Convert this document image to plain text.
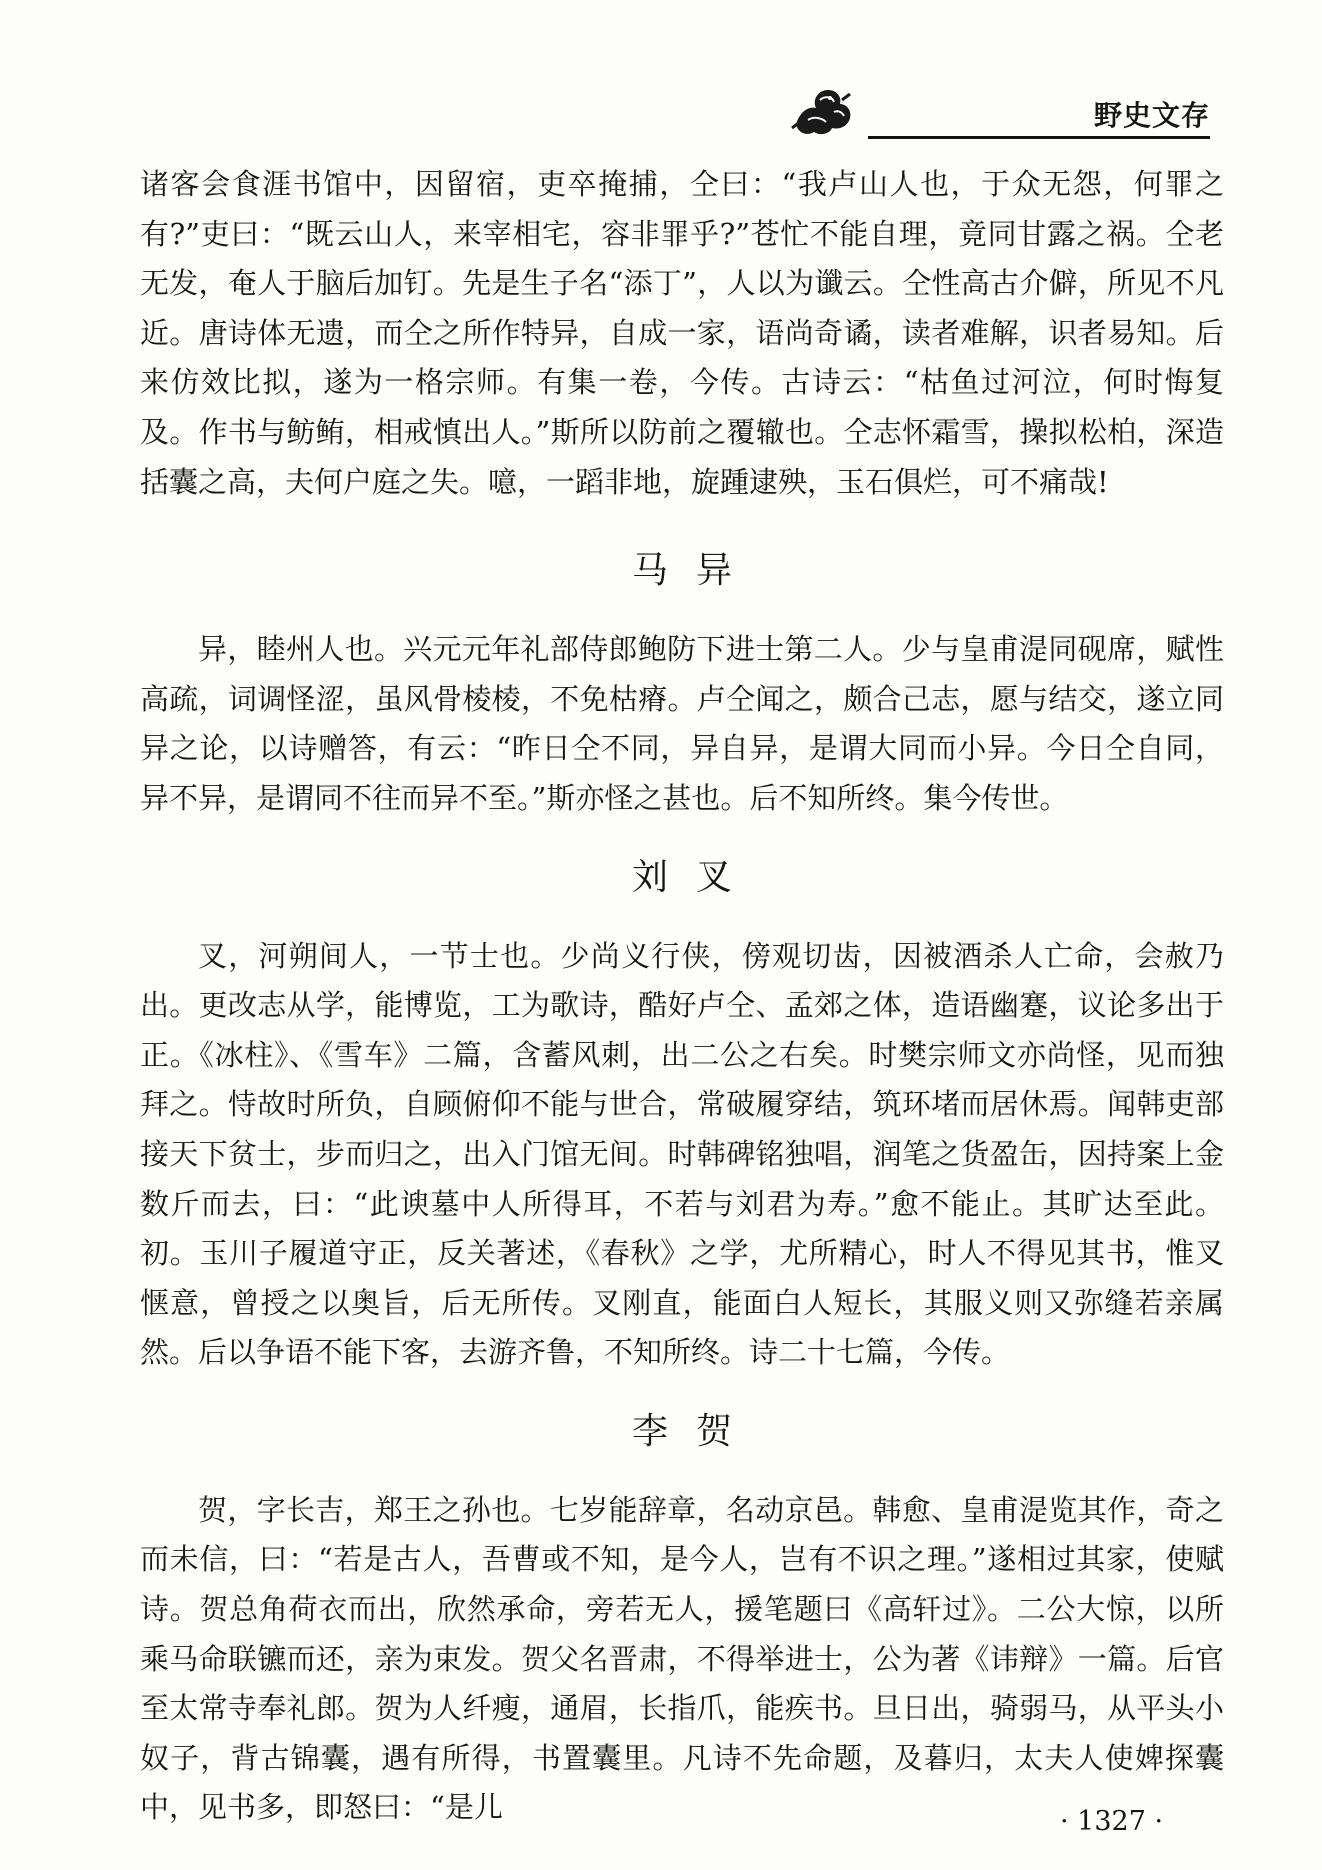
野史文存

诸客会食涯书馆中，因留宿，吏卒掩捕，仝曰：“我卢山人也，于众无怨，何罪之有?”吏曰：“既云山人，来宰相宅，容非罪乎?”苍忙不能自理，竟同甘露之祸。仝老无发，奄人于脑后加钉。先是生子名“添丁”，人以为谶云。仝性高古介僻，所见不凡近。唐诗体无遗，而仝之所作特异，自成一家，语尚奇谲，读者难解，识者易知。后来仿效比拟，遂为一格宗师。有集一卷，今传。古诗云：“枯鱼过河泣，何时悔复及。作书与鲂鲔，相戒慎出人。”斯所以防前之覆辙也。仝志怀霜雪，操拟松柏，深造括囊之高，夫何户庭之失。噫，一蹈非地，旋踵逮殃，玉石俱烂，可不痛哉!

马异

异，睦州人也。兴元元年礼部侍郎鲍防下进士第二人。少与皇甫湜同砚席，赋性高疏，词调怪涩，虽风骨棱棱，不免枯瘠。卢仝闻之，颇合己志，愿与结交，遂立同异之论，以诗赠答，有云：“昨日仝不同，异自异，是谓大同而小异。今日仝自同，异不异，是谓同不往而异不至。”斯亦怪之甚也。后不知所终。集今传世。

刘叉

叉，河朔间人，一节士也。少尚义行侠，傍观切齿，因被酒杀人亡命，会赦乃出。更改志从学，能博览，工为歌诗，酷好卢仝、孟郊之体，造语幽蹇，议论多出于正。《冰柱》、《雪车》二篇，含蓄风刺，出二公之右矣。时樊宗师文亦尚怪，见而独拜之。恃故时所负，自顾俯仰不能与世合，常破履穿结，筑环堵而居休焉。闻韩吏部接天下贫士，步而归之，出入门馆无间。时韩碑铭独唱，润笔之货盈缶，因持案上金数斤而去，曰：“此谀墓中人所得耳，不若与刘君为寿。”愈不能止。其旷达至此。初。玉川子履道守正，反关著述，《春秋》之学，尤所精心，时人不得见其书，惟叉惬意，曾授之以奥旨，后无所传。叉刚直，能面白人短长，其服义则又弥缝若亲属然。后以争语不能下客，去游齐鲁，不知所终。诗二十七篇，今传。

李贺

贺，字长吉，郑王之孙也。七岁能辞章，名动京邑。韩愈、皇甫湜览其作，奇之而未信，曰：“若是古人，吾曹或不知，是今人，岂有不识之理。”遂相过其家，使赋诗。贺总角荷衣而出，欣然承命，旁若无人，援笔题曰《高轩过》。二公大惊，以所乘马命联镳而还，亲为束发。贺父名晋肃，不得举进士，公为著《讳辩》一篇。后官至太常寺奉礼郎。贺为人纤瘦，通眉，长指爪，能疾书。旦日出，骑弱马，从平头小奴子，背古锦囊，遇有所得，书置囊里。凡诗不先命题，及暮归，太夫人使婢探囊中，见书多，即怒曰：“是儿	· 1327 ·
